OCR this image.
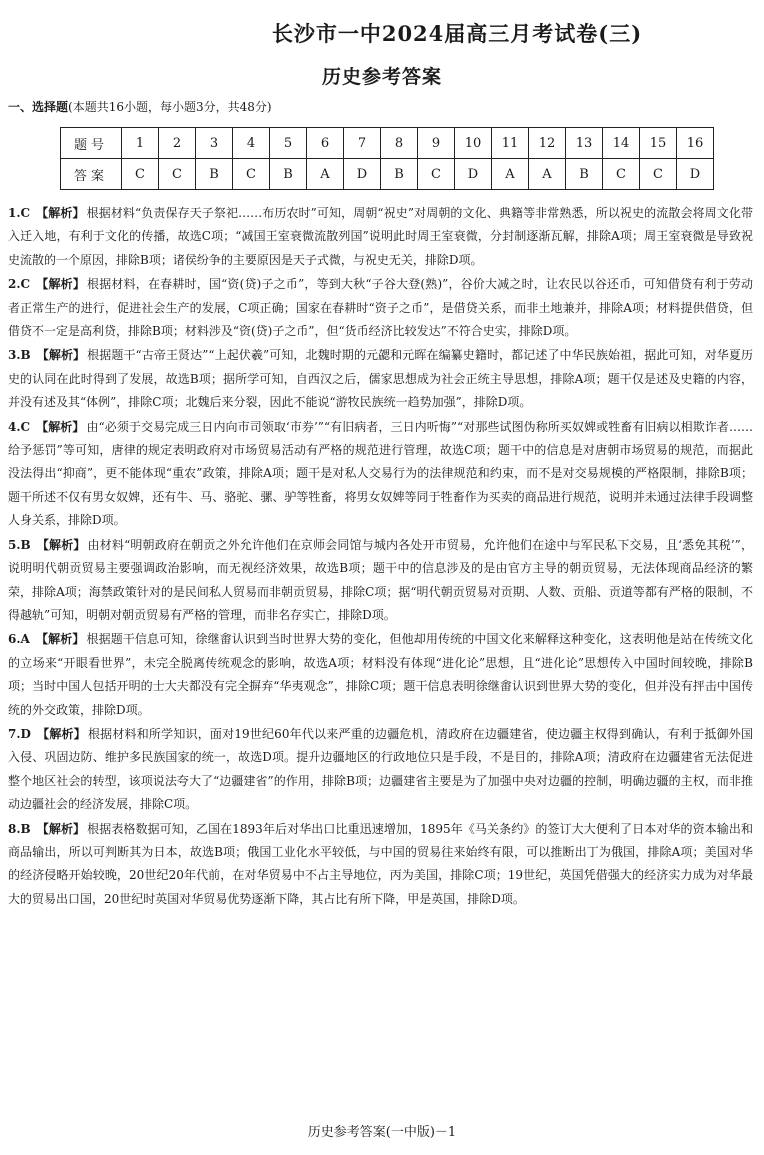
长沙市一中2024届高三月考试卷(三)
历史参考答案
一、选择题(本题共16小题，每小题3分，共48分)
题号	1	2	3	4	5	6	7	8	9	10	11	12	13	14	15	16
答案	C	C	B	C	B	A	D	B	C	D	A	A	B	C	C	D
1.C 【解析】 根据材料“负责保存天子祭祀……布历农时”可知，周朝“祝史”对周朝的文化、典籍等非常熟悉，所以祝史的流散会将周文化带入迁入地，有利于文化的传播，故选C项；“减国王室衰微流散列国”说明此时周王室衰微，分封制逐渐瓦解，排除A项；周王室衰微是导致祝史流散的一个原因，排除B项；诸侯纷争的主要原因是天子式微，与祝史无关，排除D项。
2.C 【解析】 根据材料，在春耕时，国“资(贷)子之币”，等到大秋“子谷大登(熟)”，谷价大减之时，让农民以谷还币，可知借贷有利于劳动者正常生产的进行，促进社会生产的发展，C项正确；国家在春耕时“资子之币”，是借贷关系，而非土地兼并，排除A项；材料提供借贷，但借贷不一定是高利贷，排除B项；材料涉及“资(贷)子之币”，但“货币经济比较发达”不符合史实，排除D项。
3.B 【解析】 根据题干“古帝王贤达”“上起伏羲”可知，北魏时期的元勰和元晖在编纂史籍时，都记述了中华民族始祖，据此可知，对华夏历史的认同在此时得到了发展，故选B项；据所学可知，自西汉之后，儒家思想成为社会正统主导思想，排除A项；题干仅是述及史籍的内容，并没有述及其“体例”，排除C项；北魏后来分裂，因此不能说“游牧民族统一趋势加强”，排除D项。
4.C 【解析】 由“必须于交易完成三日内向市司领取‘市券’”“有旧病者，三日内听悔”“对那些试图伪称所买奴婢或牲畜有旧病以相欺诈者……给予惩罚”等可知，唐律的规定表明政府对市场贸易活动有严格的规范进行管理，故选C项；题干中的信息是对唐朝市场贸易的规范，而据此没法得出“抑商”，更不能体现“重农”政策，排除A项；题干是对私人交易行为的法律规范和约束，而不是对交易规模的严格限制，排除B项；题干所述不仅有男女奴婢，还有牛、马、骆驼、骡、驴等牲畜，将男女奴婢等同于牲畜作为买卖的商品进行规范，说明并未通过法律手段调整人身关系，排除D项。
5.B 【解析】 由材料“明朝政府在朝贡之外允许他们在京师会同馆与城内各处开市贸易，允许他们在途中与军民私下交易，且‘悉免其税’”，说明明代朝贡贸易主要强调政治影响，而无视经济效果，故选B项；题干中的信息涉及的是由官方主导的朝贡贸易，无法体现商品经济的繁荣，排除A项；海禁政策针对的是民间私人贸易而非朝贡贸易，排除C项；据“明代朝贡贸易对贡期、人数、贡船、贡道等都有严格的限制，不得越轨”可知，明朝对朝贡贸易有严格的管理，而非名存实亡，排除D项。
6.A 【解析】 根据题干信息可知，徐继畬认识到当时世界大势的变化，但他却用传统的中国文化来解释这种变化，这表明他是站在传统文化的立场来“开眼看世界”，未完全脱离传统观念的影响，故选A项；材料没有体现“进化论”思想，且“进化论”思想传入中国时间较晚，排除B项；当时中国人包括开明的士大夫都没有完全摒弃“华夷观念”，排除C项；题干信息表明徐继畬认识到世界大势的变化，但并没有抨击中国传统的外交政策，排除D项。
7.D 【解析】 根据材料和所学知识，面对19世纪60年代以来严重的边疆危机，清政府在边疆建省，使边疆主权得到确认，有利于抵御外国入侵、巩固边防、维护多民族国家的统一，故选D项。提升边疆地区的行政地位只是手段，不是目的，排除A项；清政府在边疆建省无法促进整个地区社会的转型，该项说法夸大了“边疆建省”的作用，排除B项；边疆建省主要是为了加强中央对边疆的控制，明确边疆的主权，而非推动边疆社会的经济发展，排除C项。
8.B 【解析】 根据表格数据可知，乙国在1893年后对华出口比重迅速增加，1895年《马关条约》的签订大大便利了日本对华的资本输出和商品输出，所以可判断其为日本，故选B项；俄国工业化水平较低，与中国的贸易往来始终有限，可以推断出丁为俄国，排除A项；美国对华的经济侵略开始较晚，20世纪20年代前，在对华贸易中不占主导地位，丙为美国，排除C项；19世纪，英国凭借强大的经济实力成为对华最大的贸易出口国，20世纪时英国对华贸易优势逐渐下降，其占比有所下降，甲是英国，排除D项。
历史参考答案(一中版)－1
